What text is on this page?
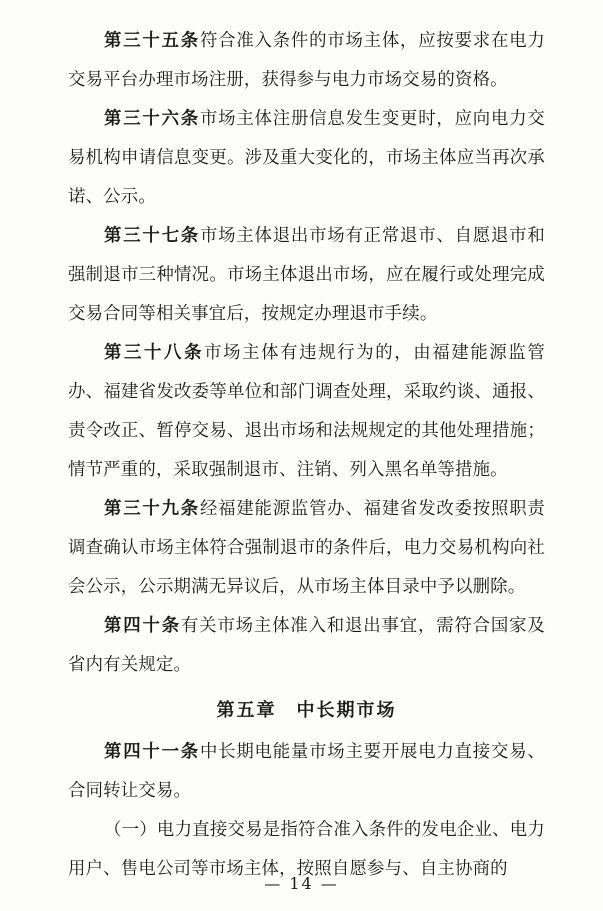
第三十五条符合准入条件的市场主体，应按要求在电力交易平台办理市场注册，获得参与电力市场交易的资格。

第三十六条市场主体注册信息发生变更时，应向电力交易机构申请信息变更。涉及重大变化的，市场主体应当再次承诺、公示。

第三十七条市场主体退出市场有正常退市、自愿退市和强制退市三种情况。市场主体退出市场，应在履行或处理完成交易合同等相关事宜后，按规定办理退市手续。

第三十八条市场主体有违规行为的，由福建能源监管办、福建省发改委等单位和部门调查处理，采取约谈、通报、责令改正、暂停交易、退出市场和法规规定的其他处理措施；情节严重的，采取强制退市、注销、列入黑名单等措施。

第三十九条经福建能源监管办、福建省发改委按照职责调查确认市场主体符合强制退市的条件后，电力交易机构向社会公示，公示期满无异议后，从市场主体目录中予以删除。

第四十条有关市场主体准入和退出事宜，需符合国家及省内有关规定。

第五章 中长期市场

第四十一条中长期电能量市场主要开展电力直接交易、合同转让交易。

（一）电力直接交易是指符合准入条件的发电企业、电力用户、售电公司等市场主体，按照自愿参与、自主协商的

— 14 —
